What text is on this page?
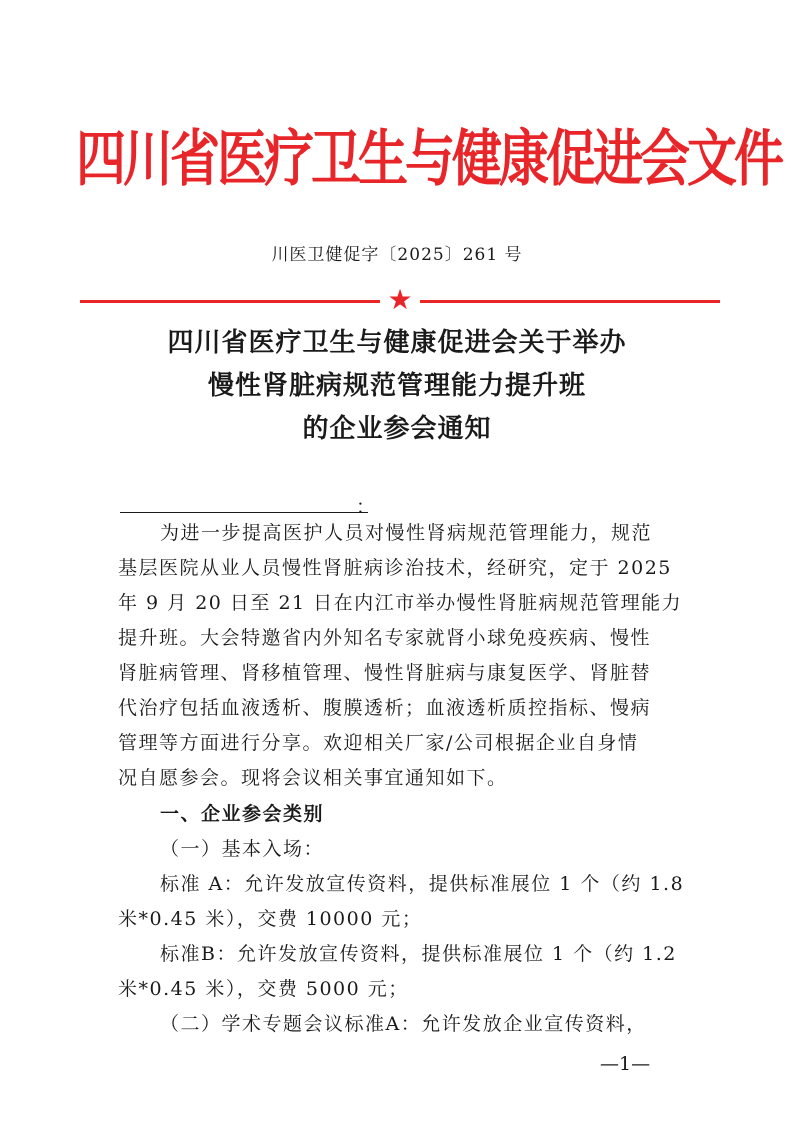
四川省医疗卫生与健康促进会文件
川医卫健促字〔2025〕261 号
★
四川省医疗卫生与健康促进会关于举办
慢性肾脏病规范管理能力提升班
的企业参会通知
：
为进一步提高医护人员对慢性肾病规范管理能力，规范
基层医院从业人员慢性肾脏病诊治技术，经研究，定于 2025
年 9 月 20 日至 21 日在内江市举办慢性肾脏病规范管理能力
提升班。大会特邀省内外知名专家就肾小球免疫疾病、慢性
肾脏病管理、肾移植管理、慢性肾脏病与康复医学、肾脏替
代治疗包括血液透析、腹膜透析；血液透析质控指标、慢病
管理等方面进行分享。欢迎相关厂家/公司根据企业自身情
况自愿参会。现将会议相关事宜通知如下。
一、企业参会类别
（一）基本入场：
标准 A：允许发放宣传资料，提供标准展位 1 个（约 1.8
米*0.45 米），交费 10000 元；
标准B：允许发放宣传资料，提供标准展位 1 个（约 1.2
米*0.45 米），交费 5000 元；
（二）学术专题会议标准A：允许发放企业宣传资料，
—1—
